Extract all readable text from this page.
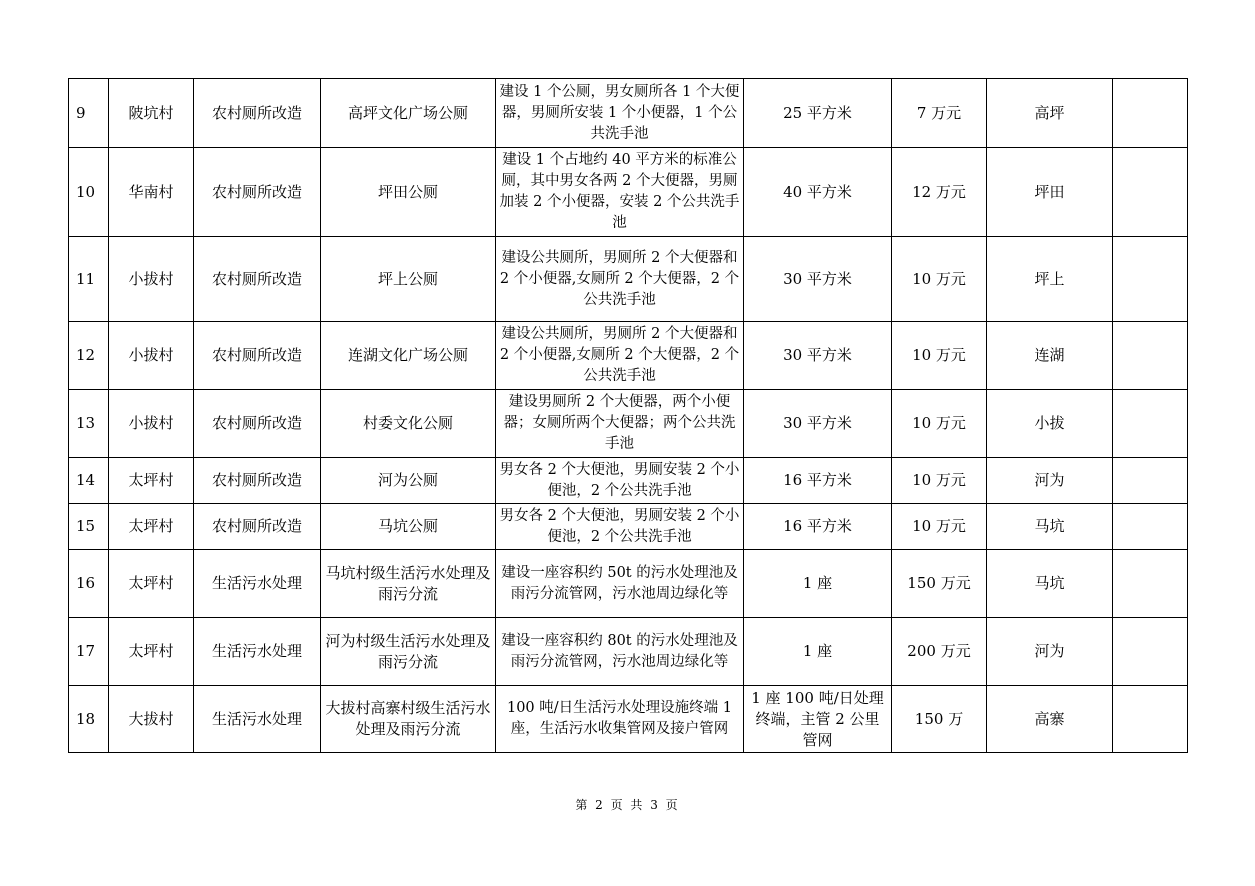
9	陂坑村	农村厕所改造	高坪文化广场公厕	建设 1 个公厕，男女厕所各 1 个大便器，男厕所安装 1 个小便器，1 个公共洗手池	25 平方米	7 万元	高坪	
10	华南村	农村厕所改造	坪田公厕	建设 1 个占地约 40 平方米的标准公厕，其中男女各两 2 个大便器，男厕加装 2 个小便器，安装 2 个公共洗手池	40 平方米	12 万元	坪田	
11	小拔村	农村厕所改造	坪上公厕	建设公共厕所，男厕所 2 个大便器和 2 个小便器,女厕所 2 个大便器，2 个公共洗手池	30 平方米	10 万元	坪上	
12	小拔村	农村厕所改造	连湖文化广场公厕	建设公共厕所，男厕所 2 个大便器和 2 个小便器,女厕所 2 个大便器，2 个公共洗手池	30 平方米	10 万元	连湖	
13	小拔村	农村厕所改造	村委文化公厕	建设男厕所 2 个大便器，两个小便器；女厕所两个大便器；两个公共洗手池	30 平方米	10 万元	小拔	
14	太坪村	农村厕所改造	河为公厕	男女各 2 个大便池，男厕安装 2 个小便池，2 个公共洗手池	16 平方米	10 万元	河为	
15	太坪村	农村厕所改造	马坑公厕	男女各 2 个大便池，男厕安装 2 个小便池，2 个公共洗手池	16 平方米	10 万元	马坑	
16	太坪村	生活污水处理	马坑村级生活污水处理及雨污分流	建设一座容积约 50t 的污水处理池及雨污分流管网，污水池周边绿化等	1 座	150 万元	马坑	
17	太坪村	生活污水处理	河为村级生活污水处理及雨污分流	建设一座容积约 80t 的污水处理池及雨污分流管网，污水池周边绿化等	1 座	200 万元	河为	
18	大拔村	生活污水处理	大拔村高寨村级生活污水处理及雨污分流	100 吨/日生活污水处理设施终端 1 座，生活污水收集管网及接户管网	1 座 100 吨/日处理终端，主管 2 公里管网	150 万	高寨	
第 2 页 共 3 页
